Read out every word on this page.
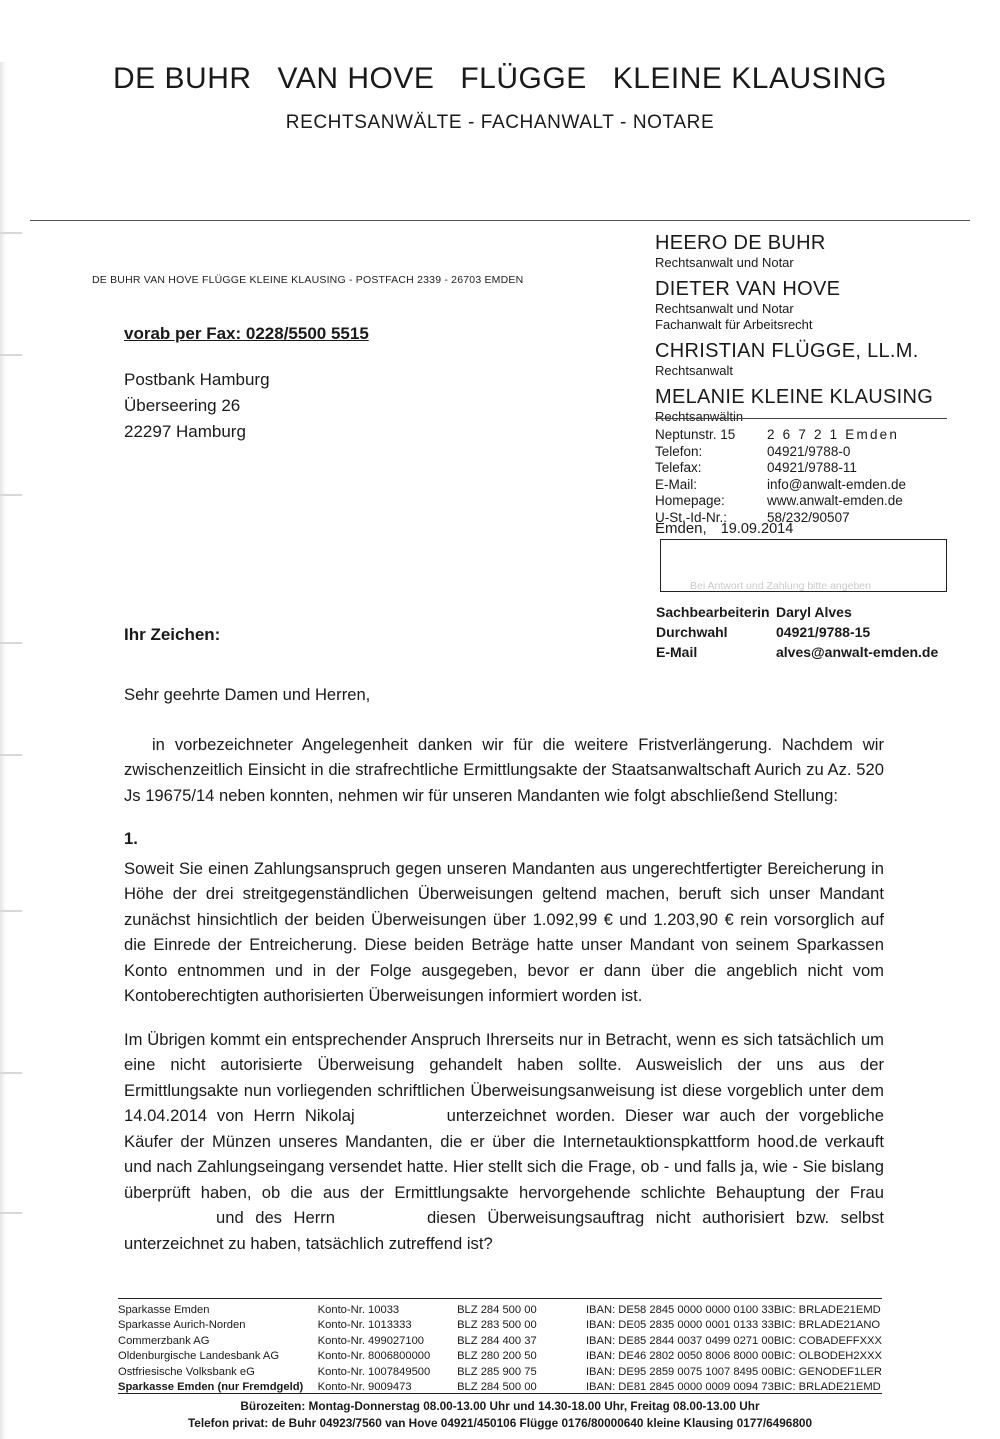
DE BUHR VAN HOVE FLÜGGE KLEINE KLAUSING
RECHTSANWÄLTE - FACHANWALT - NOTARE
DE BUHR VAN HOVE FLÜGGE KLEINE KLAUSING - POSTFACH 2339 - 26703 EMDEN
vorab per Fax: 0228/5500 5515
Postbank Hamburg
Überseering 26
22297 Hamburg
HEERO DE BUHR
Rechtsanwalt und Notar
DIETER VAN HOVE
Rechtsanwalt und Notar
Fachanwalt für Arbeitsrecht
CHRISTIAN FLÜGGE, LL.M.
Rechtsanwalt
MELANIE KLEINE KLAUSING
Rechtsanwältin
Neptunstr. 15	2 6 7 2 1 Emden
Telefon:	04921/9788-0
Telefax:	04921/9788-11
E-Mail:	info@anwalt-emden.de
Homepage:	www.anwalt-emden.de
U-St.-Id-Nr.:	58/232/90507
Emden, 19.09.2014
Bei Antwort und Zahlung bitte angeben
Sachbearbeiterin	Daryl Alves
Durchwahl	04921/9788-15
E-Mail	alves@anwalt-emden.de
Ihr Zeichen:

Sehr geehrte Damen und Herren,

in vorbezeichneter Angelegenheit danken wir für die weitere Fristverlängerung. Nachdem wir zwischenzeitlich Einsicht in die strafrechtliche Ermittlungsakte der Staatsanwaltschaft Aurich zu Az. 520 Js 19675/14 neben konnten, nehmen wir für unseren Mandanten wie folgt abschließend Stellung:

1.

Soweit Sie einen Zahlungsanspruch gegen unseren Mandanten aus ungerechtfertigter Bereicherung in Höhe der drei streitgegenständlichen Überweisungen geltend machen, beruft sich unser Mandant zunächst hinsichtlich der beiden Überweisungen über 1.092,99 € und 1.203,90 € rein vorsorglich auf die Einrede der Entreicherung. Diese beiden Beträge hatte unser Mandant von seinem Sparkassen Konto entnommen und in der Folge ausgegeben, bevor er dann über die angeblich nicht vom Kontoberechtigten authorisierten Überweisungen informiert worden ist.

Im Übrigen kommt ein entsprechender Anspruch Ihrerseits nur in Betracht, wenn es sich tatsächlich um eine nicht autorisierte Überweisung gehandelt haben sollte. Ausweislich der uns aus der Ermittlungsakte nun vorliegenden schriftlichen Überweisungsanweisung ist diese vorgeblich unter dem 14.04.2014 von Herrn Nikolaj	unterzeichnet worden. Dieser war auch der vorgebliche Käufer der Münzen unseres Mandanten, die er über die Internetauktionspkattform hood.de verkauft und nach Zahlungseingang versendet hatte. Hier stellt sich die Frage, ob - und falls ja, wie - Sie bislang überprüft haben, ob die aus der Ermittlungsakte hervorgehende schlichte Behauptung der Frauund des Herrn	diesen Überweisungsauftrag nicht authorisiert bzw. selbst unterzeichnet zu haben, tatsächlich zutreffend ist?

Sparkasse Emden	Konto-Nr. 10033	BLZ 284 500 00	IBAN: DE58 2845 0000 0000 0100 33	BIC: BRLADE21EMD
Sparkasse Aurich-Norden	Konto-Nr. 1013333	BLZ 283 500 00	IBAN: DE05 2835 0000 0001 0133 33	BIC: BRLADE21ANO
Commerzbank AG	Konto-Nr. 499027100	BLZ 284 400 37	IBAN: DE85 2844 0037 0499 0271 00	BIC: COBADEFFXXX
Oldenburgische Landesbank AG	Konto-Nr. 8006800000	BLZ 280 200 50	IBAN: DE46 2802 0050 8006 8000 00	BIC: OLBODEH2XXX
Ostfriesische Volksbank eG	Konto-Nr. 1007849500	BLZ 285 900 75	IBAN: DE95 2859 0075 1007 8495 00	BIC: GENODEF1LER
Sparkasse Emden (nur Fremdgeld)	Konto-Nr. 9009473	BLZ 284 500 00	IBAN: DE81 2845 0000 0009 0094 73	BIC: BRLADE21EMD
Bürozeiten: Montag-Donnerstag 08.00-13.00 Uhr und 14.30-18.00 Uhr, Freitag 08.00-13.00 Uhr
Telefon privat: de Buhr 04923/7560 van Hove 04921/450106 Flügge 0176/80000640 kleine Klausing 0177/6496800
